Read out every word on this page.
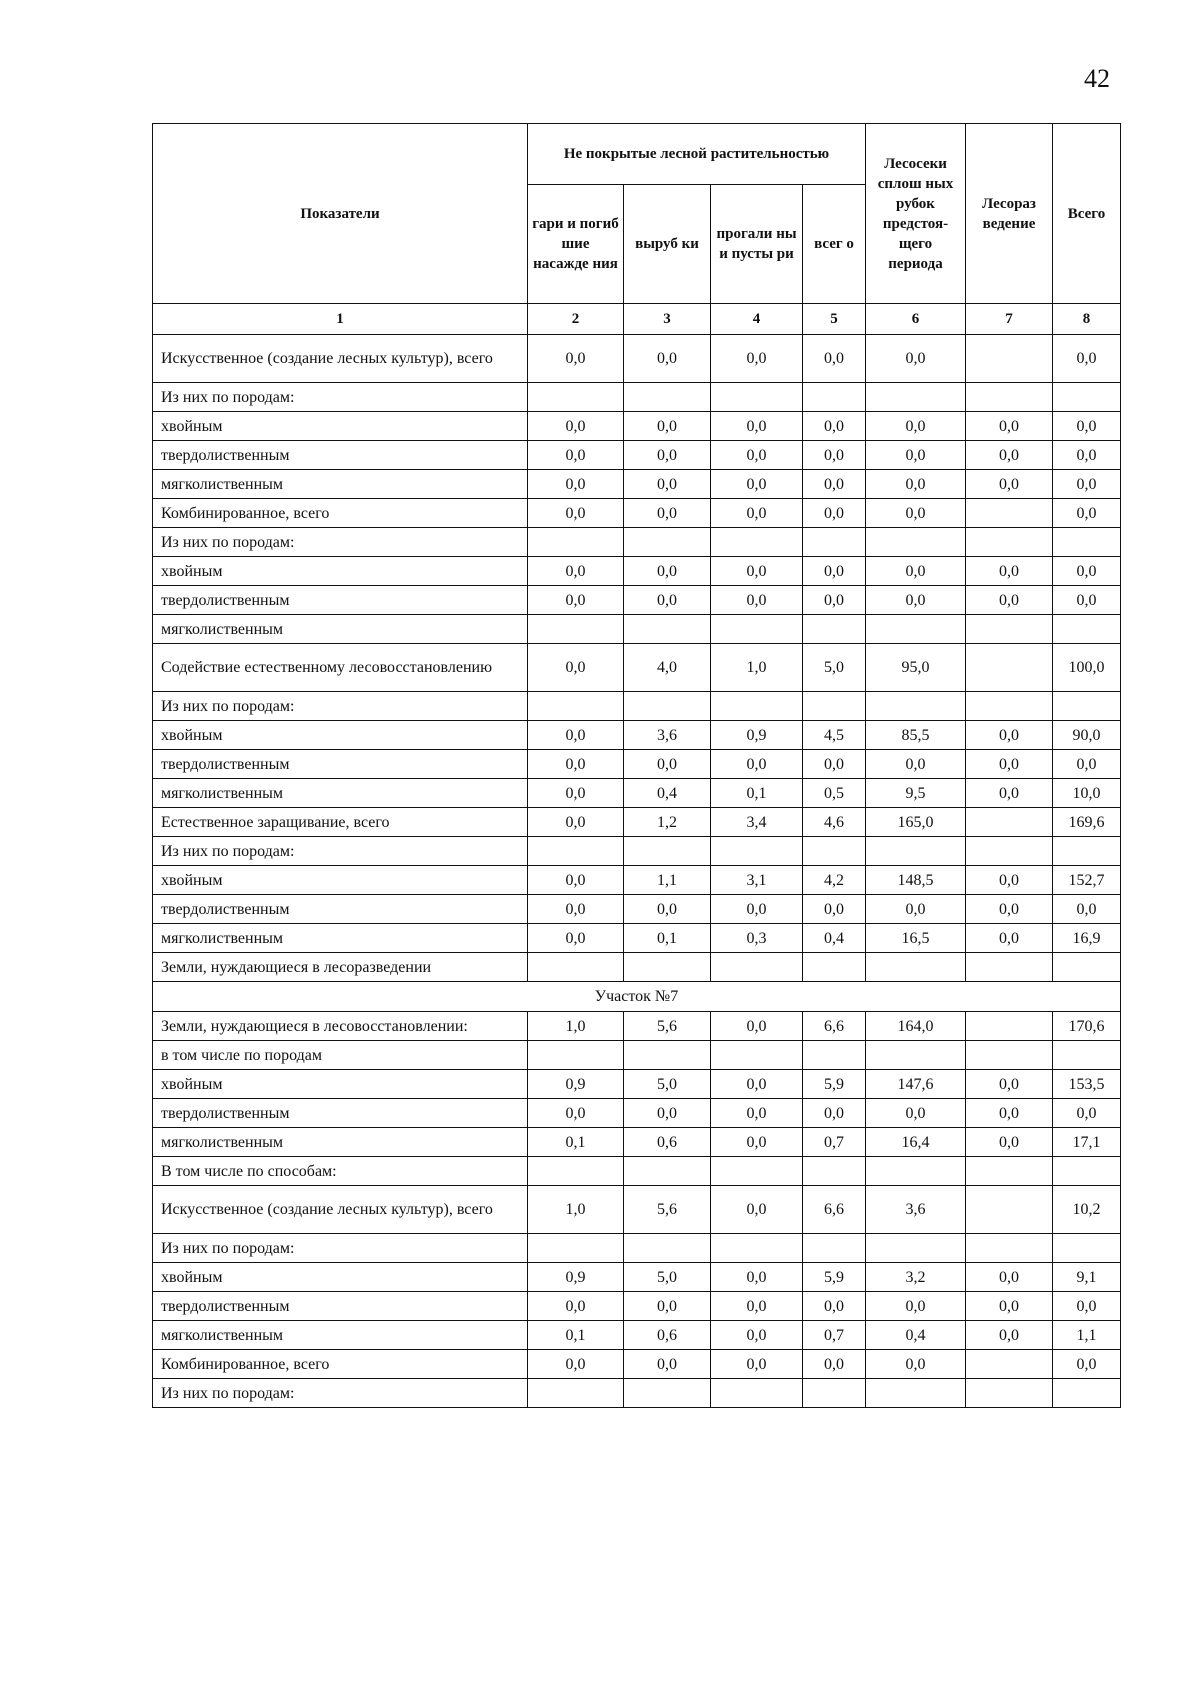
42
Показатели	Не покрытые лесной растительностью				Лесосеки сплош ных рубок предстоя- щего периода	Лесораз ведение	Всего
	гари и погиб шие насажде ния	выруб ки	прогали ны и пусты ри	всег о			
1	2	3	4	5	6	7	8
Искусственное (создание лесных культур), всего	0,0	0,0	0,0	0,0	0,0		0,0
Из них по породам:							
хвойным	0,0	0,0	0,0	0,0	0,0	0,0	0,0
твердолиственным	0,0	0,0	0,0	0,0	0,0	0,0	0,0
мягколиственным	0,0	0,0	0,0	0,0	0,0	0,0	0,0
Комбинированное, всего	0,0	0,0	0,0	0,0	0,0		0,0
Из них по породам:							
хвойным	0,0	0,0	0,0	0,0	0,0	0,0	0,0
твердолиственным	0,0	0,0	0,0	0,0	0,0	0,0	0,0
мягколиственным							
Содействие естественному лесовосстановлению	0,0	4,0	1,0	5,0	95,0		100,0
Из них по породам:							
хвойным	0,0	3,6	0,9	4,5	85,5	0,0	90,0
твердолиственным	0,0	0,0	0,0	0,0	0,0	0,0	0,0
мягколиственным	0,0	0,4	0,1	0,5	9,5	0,0	10,0
Естественное заращивание, всего	0,0	1,2	3,4	4,6	165,0		169,6
Из них по породам:							
хвойным	0,0	1,1	3,1	4,2	148,5	0,0	152,7
твердолиственным	0,0	0,0	0,0	0,0	0,0	0,0	0,0
мягколиственным	0,0	0,1	0,3	0,4	16,5	0,0	16,9
Земли, нуждающиеся в лесоразведении							
Участок №7							
Земли, нуждающиеся в лесовосстановлении:	1,0	5,6	0,0	6,6	164,0		170,6
в том числе по породам							
хвойным	0,9	5,0	0,0	5,9	147,6	0,0	153,5
твердолиственным	0,0	0,0	0,0	0,0	0,0	0,0	0,0
мягколиственным	0,1	0,6	0,0	0,7	16,4	0,0	17,1
В том числе по способам:							
Искусственное (создание лесных культур), всего	1,0	5,6	0,0	6,6	3,6		10,2
Из них по породам:							
хвойным	0,9	5,0	0,0	5,9	3,2	0,0	9,1
твердолиственным	0,0	0,0	0,0	0,0	0,0	0,0	0,0
мягколиственным	0,1	0,6	0,0	0,7	0,4	0,0	1,1
Комбинированное, всего	0,0	0,0	0,0	0,0	0,0		0,0
Из них по породам:							
